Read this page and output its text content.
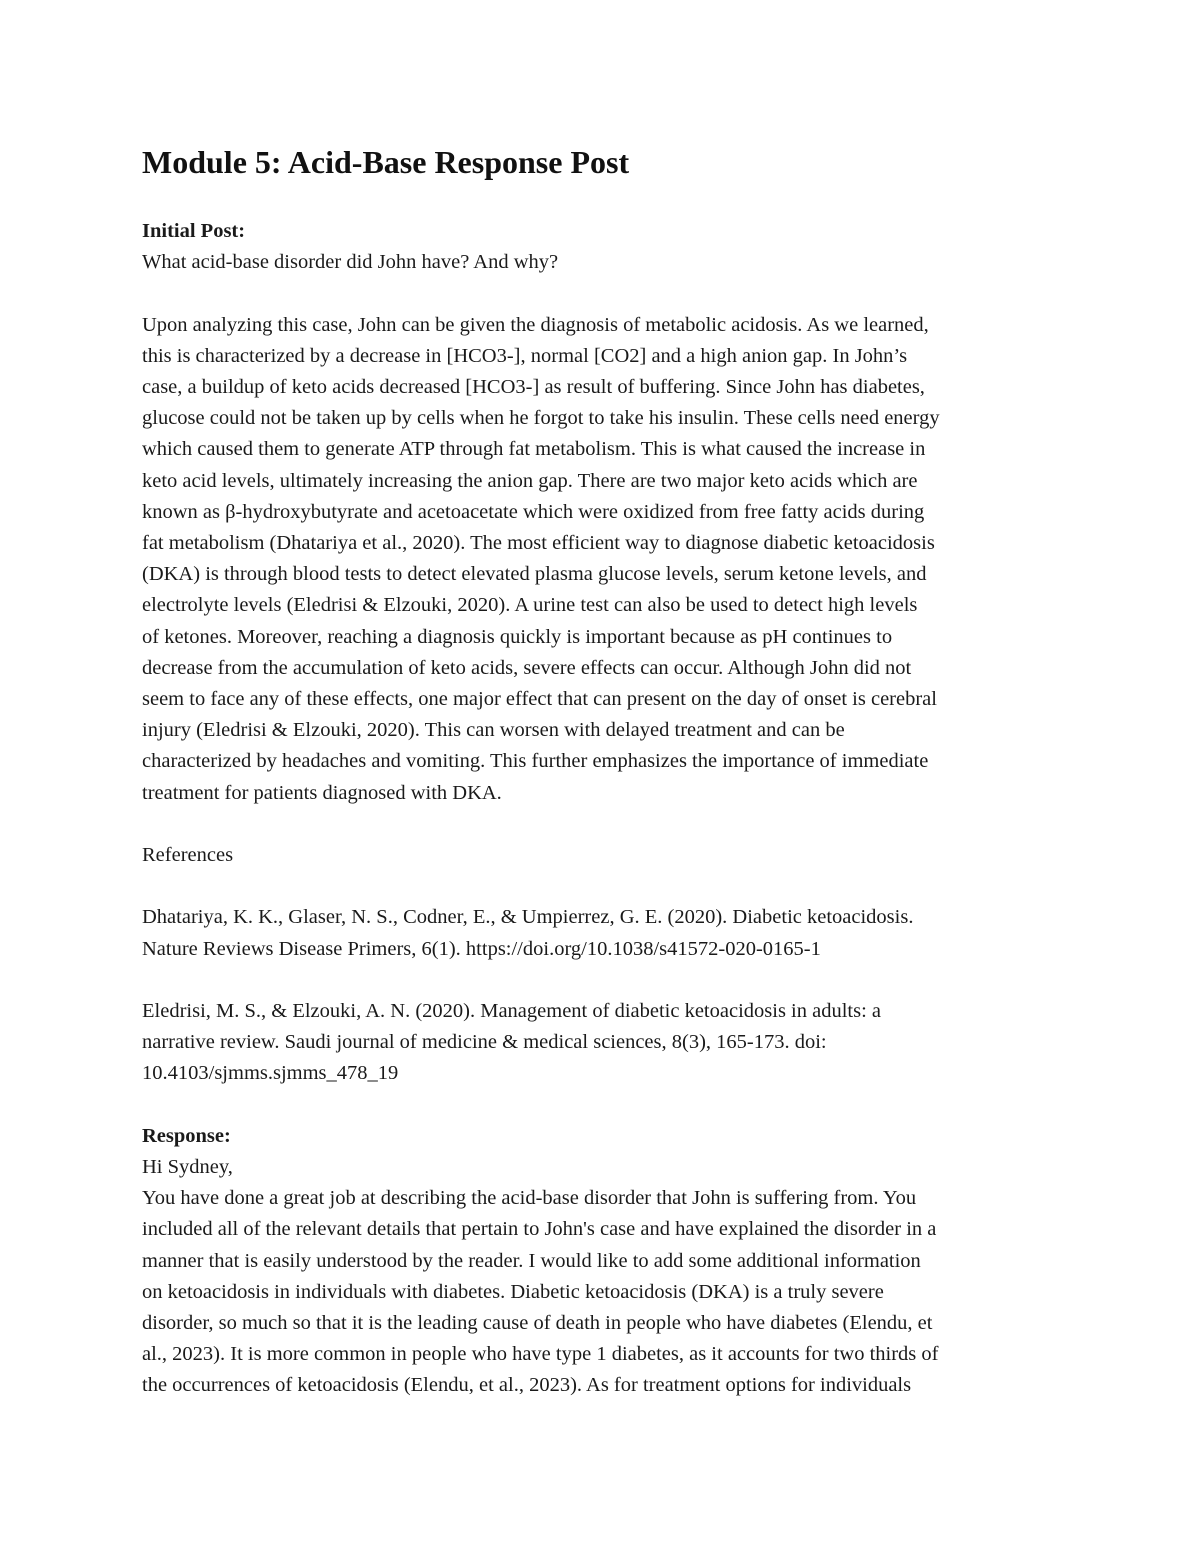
Module 5: Acid-Base Response Post
Initial Post:
What acid-base disorder did John have? And why?
Upon analyzing this case, John can be given the diagnosis of metabolic acidosis. As we learned,
this is characterized by a decrease in [HCO3-], normal [CO2] and a high anion gap. In John’s
case, a buildup of keto acids decreased [HCO3-] as result of buffering. Since John has diabetes,
glucose could not be taken up by cells when he forgot to take his insulin. These cells need energy
which caused them to generate ATP through fat metabolism. This is what caused the increase in
keto acid levels, ultimately increasing the anion gap. There are two major keto acids which are
known as β-hydroxybutyrate and acetoacetate which were oxidized from free fatty acids during
fat metabolism (Dhatariya et al., 2020). The most efficient way to diagnose diabetic ketoacidosis
(DKA) is through blood tests to detect elevated plasma glucose levels, serum ketone levels, and
electrolyte levels (Eledrisi & Elzouki, 2020). A urine test can also be used to detect high levels
of ketones. Moreover, reaching a diagnosis quickly is important because as pH continues to
decrease from the accumulation of keto acids, severe effects can occur. Although John did not
seem to face any of these effects, one major effect that can present on the day of onset is cerebral
injury (Eledrisi & Elzouki, 2020). This can worsen with delayed treatment and can be
characterized by headaches and vomiting. This further emphasizes the importance of immediate
treatment for patients diagnosed with DKA.
References
Dhatariya, K. K., Glaser, N. S., Codner, E., & Umpierrez, G. E. (2020). Diabetic ketoacidosis.
Nature Reviews Disease Primers, 6(1). https://doi.org/10.1038/s41572-020-0165-1
Eledrisi, M. S., & Elzouki, A. N. (2020). Management of diabetic ketoacidosis in adults: a
narrative review. Saudi journal of medicine & medical sciences, 8(3), 165-173. doi:
10.4103/sjmms.sjmms_478_19
Response:
Hi Sydney,
You have done a great job at describing the acid-base disorder that John is suffering from. You
included all of the relevant details that pertain to John's case and have explained the disorder in a
manner that is easily understood by the reader. I would like to add some additional information
on ketoacidosis in individuals with diabetes. Diabetic ketoacidosis (DKA) is a truly severe
disorder, so much so that it is the leading cause of death in people who have diabetes (Elendu, et
al., 2023). It is more common in people who have type 1 diabetes, as it accounts for two thirds of
the occurrences of ketoacidosis (Elendu, et al., 2023). As for treatment options for individuals
